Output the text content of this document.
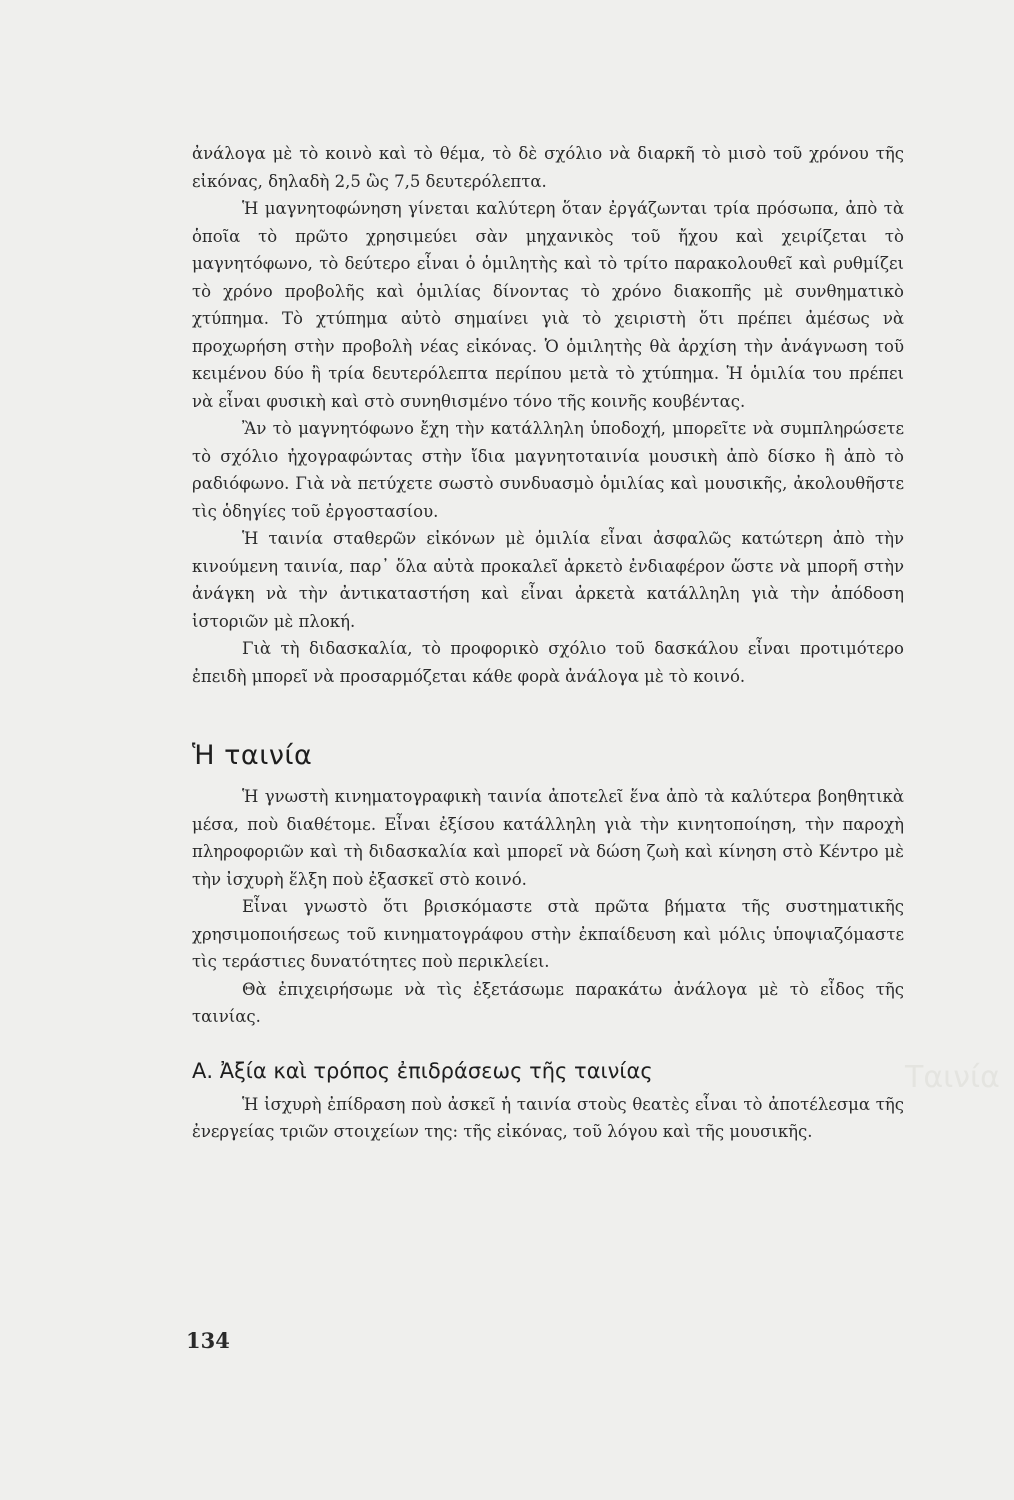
Ταινία

ἀνάλογα μὲ τὸ κοινὸ καὶ τὸ θέμα, τὸ δὲ σχόλιο νὰ διαρκῆ τὸ μισὸ τοῦ χρόνου τῆς εἰκόνας, δηλαδὴ 2,5 ὣς 7,5 δευτερόλεπτα.

Ἡ μαγνητοφώνηση γίνεται καλύτερη ὅταν ἐργάζωνται τρία πρόσωπα, ἀπὸ τὰ ὁποῖα τὸ πρῶτο χρησιμεύει σὰν μηχανικὸς τοῦ ἤχου καὶ χειρίζεται τὸ μαγνητόφωνο, τὸ δεύτερο εἶναι ὁ ὁμιλητὴς καὶ τὸ τρίτο παρακολουθεῖ καὶ ρυθμίζει τὸ χρόνο προβολῆς καὶ ὁμιλίας δίνοντας τὸ χρόνο διακοπῆς μὲ συνθηματικὸ χτύπημα. Τὸ χτύπημα αὐτὸ σημαίνει γιὰ τὸ χειριστὴ ὅτι πρέπει ἀμέσως νὰ προχωρήση στὴν προβολὴ νέας εἰκόνας. Ὁ ὁμιλητὴς θὰ ἀρχίση τὴν ἀνάγνωση τοῦ κειμένου δύο ἢ τρία δευτερόλεπτα περίπου μετὰ τὸ χτύπημα. Ἡ ὁμιλία του πρέπει νὰ εἶναι φυσικὴ καὶ στὸ συνηθισμένο τόνο τῆς κοινῆς κουβέντας.

Ἂν τὸ μαγνητόφωνο ἔχη τὴν κατάλληλη ὑποδοχή, μπορεῖτε νὰ συμπληρώσετε τὸ σχόλιο ἠχογραφώντας στὴν ἴδια μαγνητοταινία μουσικὴ ἀπὸ δίσκο ἢ ἀπὸ τὸ ραδιόφωνο. Γιὰ νὰ πετύχετε σωστὸ συνδυασμὸ ὁμιλίας καὶ μουσικῆς, ἀκολουθῆστε τὶς ὁδηγίες τοῦ ἐργοστασίου.

Ἡ ταινία σταθερῶν εἰκόνων μὲ ὁμιλία εἶναι ἀσφαλῶς κατώτερη ἀπὸ τὴν κινούμενη ταινία, παρ᾽ ὅλα αὐτὰ προκαλεῖ ἀρκετὸ ἐνδιαφέρον ὥστε νὰ μπορῆ στὴν ἀνάγκη νὰ τὴν ἀντικαταστήση καὶ εἶναι ἀρκετὰ κατάλληλη γιὰ τὴν ἀπόδοση ἱστοριῶν μὲ πλοκή.

Γιὰ τὴ διδασκαλία, τὸ προφορικὸ σχόλιο τοῦ δασκάλου εἶναι προτιμότερο ἐπειδὴ μπορεῖ νὰ προσαρμόζεται κάθε φορὰ ἀνάλογα μὲ τὸ κοινό.

Ἡ ταινία

Ἡ γνωστὴ κινηματογραφικὴ ταινία ἀποτελεῖ ἕνα ἀπὸ τὰ καλύτερα βοηθητικὰ μέσα, ποὺ διαθέτομε. Εἶναι ἐξίσου κατάλληλη γιὰ τὴν κινητοποίηση, τὴν παροχὴ πληροφοριῶν καὶ τὴ διδασκαλία καὶ μπορεῖ νὰ δώση ζωὴ καὶ κίνηση στὸ Κέντρο μὲ τὴν ἰσχυρὴ ἕλξη ποὺ ἐξασκεῖ στὸ κοινό.

Εἶναι γνωστὸ ὅτι βρισκόμαστε στὰ πρῶτα βήματα τῆς συστηματικῆς χρησιμοποιήσεως τοῦ κινηματογράφου στὴν ἐκπαίδευση καὶ μόλις ὑποψιαζόμαστε τὶς τεράστιες δυνατότητες ποὺ περικλείει.

Θὰ ἐπιχειρήσωμε νὰ τὶς ἐξετάσωμε παρακάτω ἀνάλογα μὲ τὸ εἶδος τῆς ταινίας.

Α. Ἀξία καὶ τρόπος ἐπιδράσεως τῆς ταινίας

Ἡ ἰσχυρὴ ἐπίδραση ποὺ ἀσκεῖ ἡ ταινία στοὺς θεατὲς εἶναι τὸ ἀποτέλεσμα τῆς ἐνεργείας τριῶν στοιχείων της: τῆς εἰκόνας, τοῦ λόγου καὶ τῆς μουσικῆς.

134
